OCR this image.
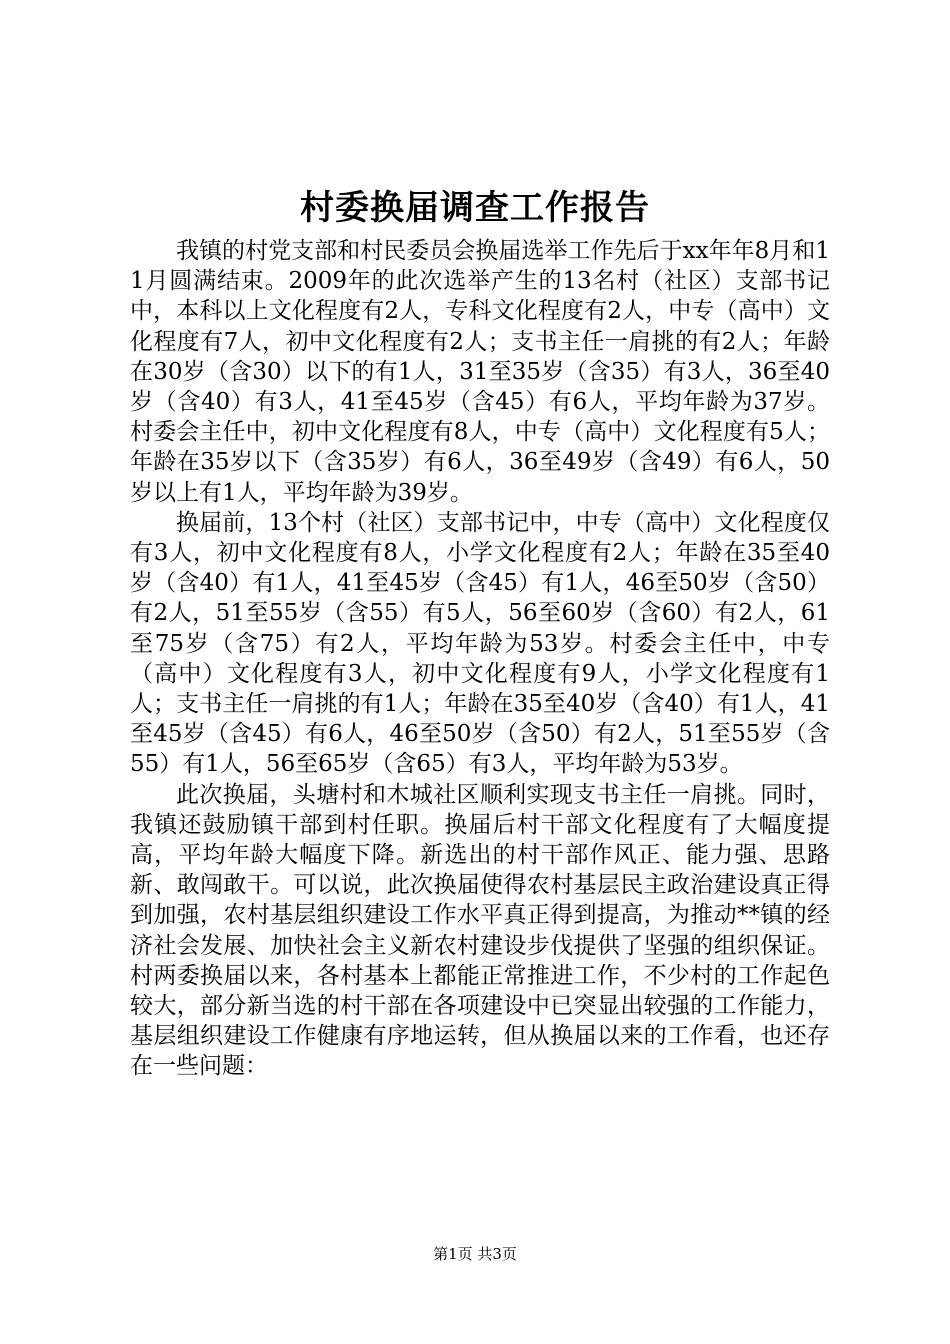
村委换届调查工作报告

我镇的村党支部和村民委员会换届选举工作先后于xx年年8月和11月圆满结束。2009年的此次选举产生的13名村（社区）支部书记中，本科以上文化程度有2人，专科文化程度有2人，中专（高中）文化程度有7人，初中文化程度有2人；支书主任一肩挑的有2人；年龄在30岁（含30）以下的有1人，31至35岁（含35）有3人，36至40岁（含40）有3人，41至45岁（含45）有6人，平均年龄为37岁。村委会主任中，初中文化程度有8人，中专（高中）文化程度有5人；年龄在35岁以下（含35岁）有6人，36至49岁（含49）有6人，50岁以上有1人，平均年龄为39岁。

换届前，13个村（社区）支部书记中，中专（高中）文化程度仅有3人，初中文化程度有8人，小学文化程度有2人；年龄在35至40岁（含40）有1人，41至45岁（含45）有1人，46至50岁（含50）有2人，51至55岁（含55）有5人，56至60岁（含60）有2人，61至75岁（含75）有2人，平均年龄为53岁。村委会主任中，中专（高中）文化程度有3人，初中文化程度有9人，小学文化程度有1人；支书主任一肩挑的有1人；年龄在35至40岁（含40）有1人，41至45岁（含45）有6人，46至50岁（含50）有2人，51至55岁（含55）有1人，56至65岁（含65）有3人，平均年龄为53岁。

此次换届，头塘村和木城社区顺利实现支书主任一肩挑。同时，我镇还鼓励镇干部到村任职。换届后村干部文化程度有了大幅度提高，平均年龄大幅度下降。新选出的村干部作风正、能力强、思路新、敢闯敢干。可以说，此次换届使得农村基层民主政治建设真正得到加强，农村基层组织建设工作水平真正得到提高，为推动**镇的经济社会发展、加快社会主义新农村建设步伐提供了坚强的组织保证。村两委换届以来，各村基本上都能正常推进工作，不少村的工作起色较大，部分新当选的村干部在各项建设中已突显出较强的工作能力，基层组织建设工作健康有序地运转，但从换届以来的工作看，也还存在一些问题：

第1页 共3页
